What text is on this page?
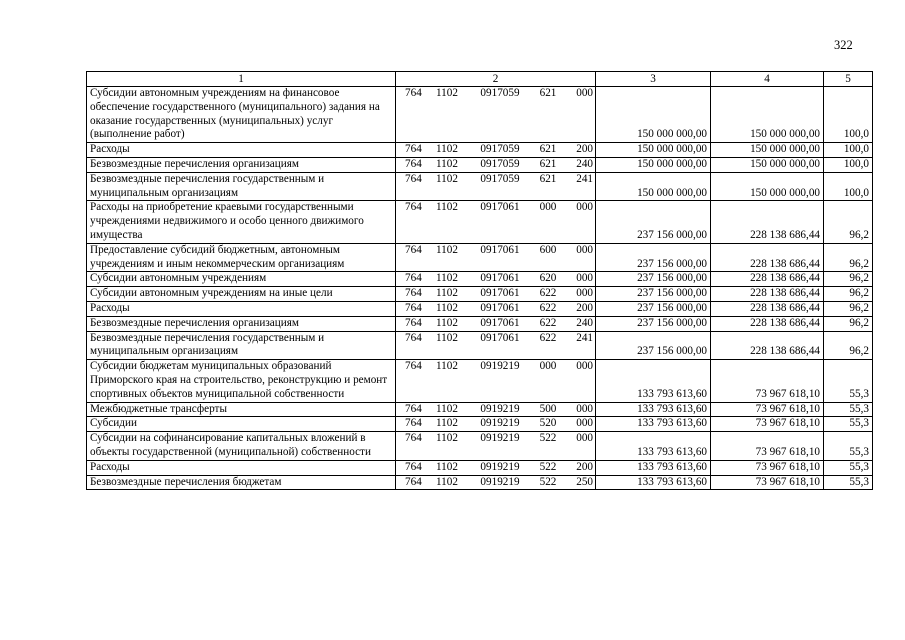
322
1	2	3	4	5
Субсидии автономным учреждениям на финансовое обеспечение государственного (муниципального) задания на оказание государственных (муниципальных) услуг (выполнение работ)	764 1102 0917059 621 000	150 000 000,00	150 000 000,00	100,0
Расходы	764 1102 0917059 621 200	150 000 000,00	150 000 000,00	100,0
Безвозмездные перечисления организациям	764 1102 0917059 621 240	150 000 000,00	150 000 000,00	100,0
Безвозмездные перечисления государственным и муниципальным организациям	764 1102 0917059 621 241	150 000 000,00	150 000 000,00	100,0
Расходы на приобретение краевыми государственными учреждениями недвижимого и особо ценного движимого имущества	764 1102 0917061 000 000	237 156 000,00	228 138 686,44	96,2
Предоставление субсидий бюджетным, автономным учреждениям и иным некоммерческим организациям	764 1102 0917061 600 000	237 156 000,00	228 138 686,44	96,2
Субсидии автономным учреждениям	764 1102 0917061 620 000	237 156 000,00	228 138 686,44	96,2
Субсидии автономным учреждениям на иные цели	764 1102 0917061 622 000	237 156 000,00	228 138 686,44	96,2
Расходы	764 1102 0917061 622 200	237 156 000,00	228 138 686,44	96,2
Безвозмездные перечисления организациям	764 1102 0917061 622 240	237 156 000,00	228 138 686,44	96,2
Безвозмездные перечисления государственным и муниципальным организациям	764 1102 0917061 622 241	237 156 000,00	228 138 686,44	96,2
Субсидии бюджетам муниципальных образований Приморского края на строительство, реконструкцию и ремонт спортивных объектов муниципальной собственности	764 1102 0919219 000 000	133 793 613,60	73 967 618,10	55,3
Межбюджетные трансферты	764 1102 0919219 500 000	133 793 613,60	73 967 618,10	55,3
Субсидии	764 1102 0919219 520 000	133 793 613,60	73 967 618,10	55,3
Субсидии на софинансирование капитальных вложений в объекты государственной (муниципальной) собственности	764 1102 0919219 522 000	133 793 613,60	73 967 618,10	55,3
Расходы	764 1102 0919219 522 200	133 793 613,60	73 967 618,10	55,3
Безвозмездные перечисления бюджетам	764 1102 0919219 522 250	133 793 613,60	73 967 618,10	55,3
